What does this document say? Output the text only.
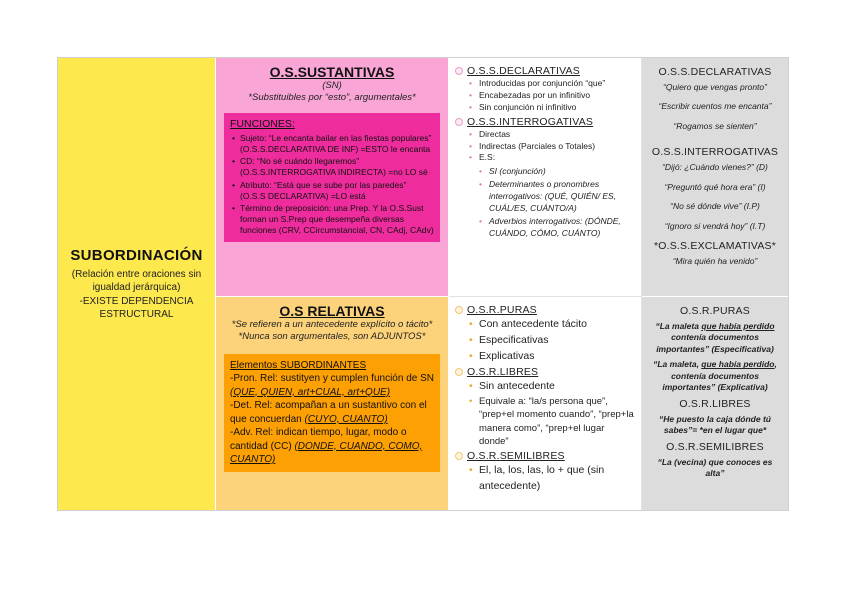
SUBORDINACIÓN
(Relación entre oraciones sin
igualdad jerárquica)
-EXISTE DEPENDENCIA
ESTRUCTURAL
O.S.SUSTANTIVAS
(SN)
*Substituibles por “esto”, argumentales*
FUNCIONES:
• Sujeto: “Le encanta bailar en las fiestas populares” (O.S.S.DECLARATIVA DE INF) =ESTO le encanta
• CD: “No sé cuándo llegaremos” (O.S.S.INTERROGATIVA INDIRECTA) =no LO sé
• Atributo: “Está que se sube por las paredes” (O.S.S DECLARATIVA) =LO está
• Término de preposición: una Prep. Y la O.S.Sust forman un S.Prep que desempeña diversas funciones (CRV, CCircumstancial, CN, CAdj, CAdv)
O.S.S.DECLARATIVAS
• Introducidas por conjunción “que”
• Encabezadas por un infinitivo
• Sin conjunción ni infinitivo
O.S.S.INTERROGATIVAS
• Directas
• Indirectas (Parciales o Totales)
• E.S:
• SI (conjunción)
• Determinantes o pronombres interrogativos: (QUÉ, QUIÉN/ ES, CUÁL/ES, CUÁNTO/A)
• Adverbios interrogativos: (DÓNDE, CUÁNDO, CÓMO, CUÁNTO)
O.S.S.DECLARATIVAS
“Quiero que vengas pronto”
“Escribir cuentos me encanta”
“Rogamos se sienten”
O.S.S.INTERROGATIVAS
“Dijó: ¿Cuándo vienes?” (D)
“Preguntó qué hora era” (I)
“No sé dónde vive” (I.P)
“Ignoro si vendrá hoy” (I.T)
*O.S.S.EXCLAMATIVAS*
“Mira quién ha venido”
O.S RELATIVAS
*Se refieren a un antecedente explícito o tácito*
*Nunca son argumentales, son ADJUNTOS*
Elementos SUBORDINANTES
-Pron. Rel: sustityen y cumplen función de SN (QUE, QUIEN, art+CUAL, art+QUE)
-Det. Rel: acompañan a un sustantivo con el que concuerdan (CUYO, CUANTO)
-Adv. Rel: indican tiempo, lugar, modo o cantidad (CC) (DONDE, CUANDO, COMO, CUANTO)
O.S.R.PURAS
• Con antecedente tácito
• Especificativas
• Explicativas
O.S.R.LIBRES
• Sin antecedente
• Equivale a: “la/s persona que”, “prep+el momento cuando”, “prep+la manera como”, “prep+el lugar donde”
O.S.R.SEMILIBRES
• El, la, los, las, lo + que (sin antecedente)
O.S.R.PURAS
“La maleta que había perdido contenía documentos importantes” (Especificativa)
“La maleta, que había perdido, contenía documentos importantes” (Explicativa)
O.S.R.LIBRES
“He puesto la caja dónde tú sabes”= *en el lugar que*
O.S.R.SEMILIBRES
“La (vecina) que conoces es alta”
